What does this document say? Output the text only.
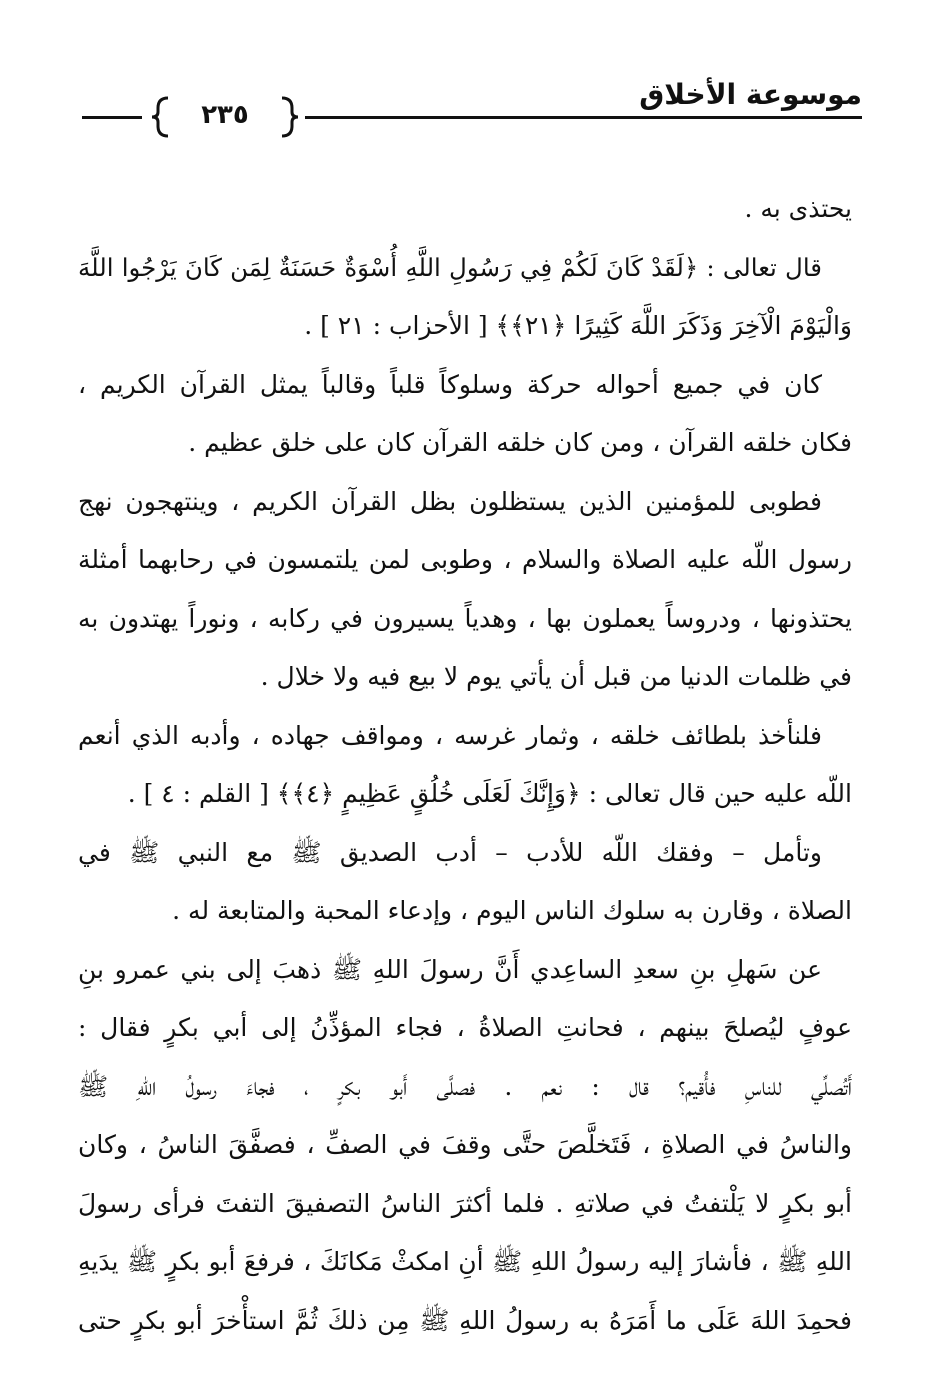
موسوعة الأخلاق
٢٣٥
يحتذى به .
قال تعالى : ﴿لَقَدْ كَانَ لَكُمْ فِي رَسُولِ اللَّهِ أُسْوَةٌ حَسَنَةٌ لِمَن كَانَ يَرْجُوا اللَّهَ
وَالْيَوْمَ الْآخِرَ وَذَكَرَ اللَّهَ كَثِيرًا ﴿٢١﴾﴾ [ الأحزاب : ٢١ ] .
كان في جميع أحواله حركة وسلوكاً قلباً وقالباً يمثل القرآن الكريم ،
فكان خلقه القرآن ، ومن كان خلقه القرآن كان على خلق عظيم .
فطوبى للمؤمنين الذين يستظلون بظل القرآن الكريم ، وينتهجون نهج
رسول اللّه عليه الصلاة والسلام ، وطوبى لمن يلتمسون في رحابهما أمثلة
يحتذونها ، ودروساً يعملون بها ، وهدياً يسيرون في ركابه ، ونوراً يهتدون به
في ظلمات الدنيا من قبل أن يأتي يوم لا بيع فيه ولا خلال .
فلنأخذ بلطائف خلقه ، وثمار غرسه ، ومواقف جهاده ، وأدبه الذي أنعم
اللّه عليه حين قال تعالى : ﴿وَإِنَّكَ لَعَلَى خُلُقٍ عَظِيمٍ ﴿٤﴾﴾ [ القلم : ٤ ] .
وتأمل – وفقك اللّه للأدب – أدب الصديق ﷺ مع النبي ﷺ في
الصلاة ، وقارن به سلوك الناس اليوم ، وإدعاء المحبة والمتابعة له .
عن سَهلِ بنِ سعدِ الساعِدي أَنَّ رسولَ اللهِ ﷺ ذهبَ إلى بني عمرو بنِ
عوفٍ ليُصلحَ بينهم ، فحانتِ الصلاةُ ، فجاء المؤذِّنُ إلى أبي بكرٍ فقال :
أَتُصلِّي للناسِ فأُقيم؟ قال : نعم . فصلَّى أَبو بكرٍ ، فجاءَ رسولُ اللهِ ﷺ
والناسُ في الصلاةِ ، فَتَخلَّصَ حتَّى وقفَ في الصفِّ ، فصفَّقَ الناسُ ، وكان
أبو بكرٍ لا يَلْتفتُ في صلاتهِ . فلما أكثرَ الناسُ التصفيقَ التفتَ فرأى رسولَ
اللهِ ﷺ ، فأشارَ إليه رسولُ اللهِ ﷺ أنِ امكثْ مَكانَكَ ، فرفعَ أبو بكرٍ ﷺ يدَيهِ
فحمِدَ اللهَ عَلَى ما أَمَرَهُ به رسولُ اللهِ ﷺ مِن ذلكَ ثُمَّ استأْخرَ أبو بكرٍ حتى
